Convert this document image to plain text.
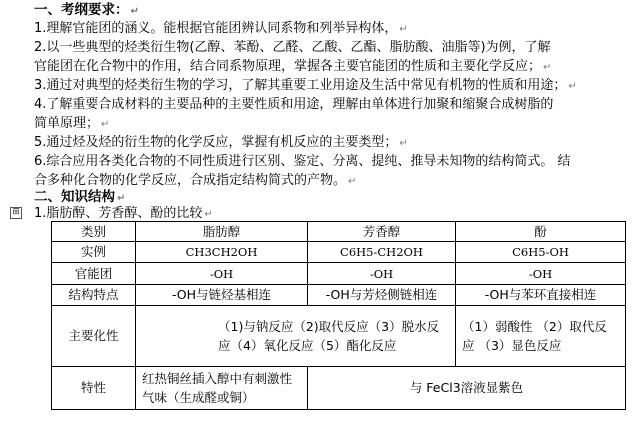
一、考纲要求： ↵
1.理解官能团的涵义。能根据官能团辨认同系物和列举异构体， ↵
2.以一些典型的烃类衍生物(乙醇、苯酚、乙醛、乙酸、乙酯、脂肪酸、油脂等)为例，了解
官能团在化合物中的作用，结合同系物原理，掌握各主要官能团的性质和主要化学反应； ↵
3.通过对典型的烃类衍生物的学习，了解其重要工业用途及生活中常见有机物的性质和用途； ↵
4.了解重要合成材料的主要品种的主要性质和用途，理解由单体进行加聚和缩聚合成树脂的
简单原理； ↵
5.通过烃及烃的衍生物的化学反应，掌握有机反应的主要类型； ↵
6.综合应用各类化合物的不同性质进行区别、鉴定、分离、提纯、推导未知物的结构简式。 结
合多种化合物的化学反应，合成指定结构简式的产物。 ↵
二、知识结构 ↵
⊞ 1.脂肪醇、芳香醇、酚的比较 ↵
类别	脂肪醇	芳香醇	酚
实例	CH3CH2OH	C6H5-CH2OH	C6H5-OH
官能团	-OH	-OH	-OH
结构特点	-OH与链烃基相连	-OH与芳烃侧链相连	-OH与苯环直接相连
主要化性	（1)与钠反应（2)取代反应（3）脱水反应（4）氧化反应（5）酯化反应		（1）弱酸性 （2）取代反应 （3）显色反应
特性	红热铜丝插入醇中有刺激性气味（生成醛或铜）	与 FeCl3溶液显紫色	
